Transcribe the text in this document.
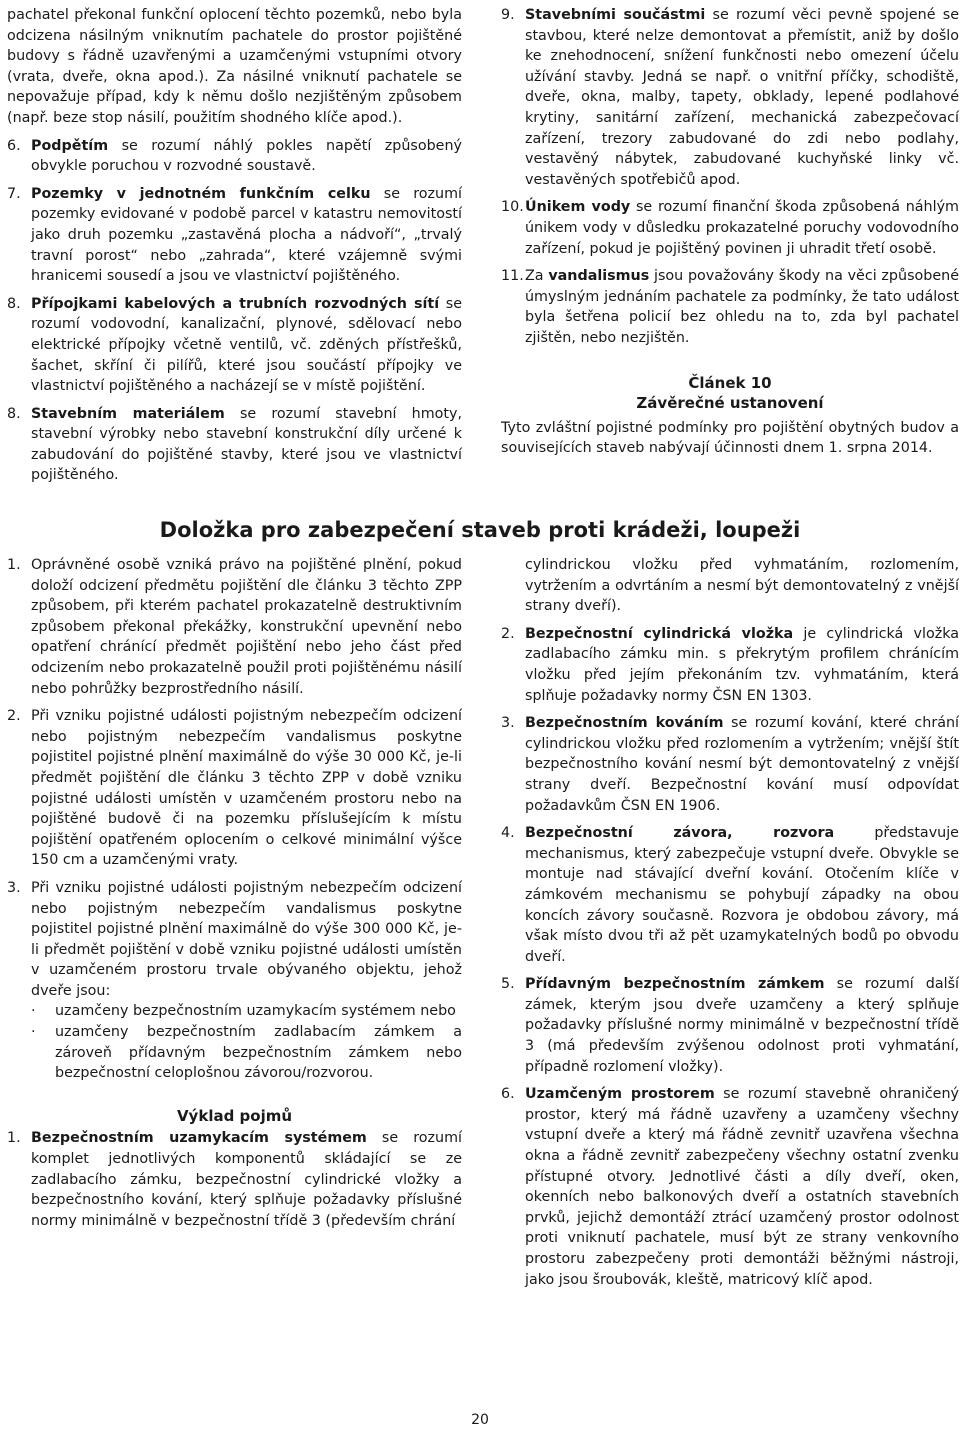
pachatel překonal funkční oplocení těchto pozemků, nebo byla odcizena násilným vniknutím pachatele do prostor pojištěné budovy s řádně uzavřenými a uzamčenými vstupními otvory (vrata, dveře, okna apod.). Za násilné vniknutí pachatele se nepovažuje případ, kdy k němu došlo nezjištěným způsobem (např. beze stop násilí, použitím shodného klíče apod.).

6. Podpětím se rozumí náhlý pokles napětí způsobený obvykle poruchou v rozvodné soustavě.
7. Pozemky v jednotném funkčním celku se rozumí pozemky evidované v podobě parcel v katastru nemovitostí jako druh pozemku „zastavěná plocha a nádvoří“, „trvalý travní porost“ nebo „zahrada“, které vzájemně svými hranicemi sousedí a jsou ve vlastnictví pojištěného.
8. Přípojkami kabelových a trubních rozvodných sítí se rozumí vodovodní, kanalizační, plynové, sdělovací nebo elektrické přípojky včetně ventilů, vč. zděných přístřešků, šachet, skříní či pilířů, které jsou součástí přípojky ve vlastnictví pojištěného a nacházejí se v místě pojištění.
8. Stavebním materiálem se rozumí stavební hmoty, stavební výrobky nebo stavební konstrukční díly určené k zabudování do pojištěné stavby, které jsou ve vlastnictví pojištěného.
9. Stavebními součástmi se rozumí věci pevně spojené se stavbou, které nelze demontovat a přemístit, aniž by došlo ke znehodnocení, snížení funkčnosti nebo omezení účelu užívání stavby. Jedná se např. o vnitřní příčky, schodiště, dveře, okna, malby, tapety, obklady, lepené podlahové krytiny, sanitární zařízení, mechanická zabezpečovací zařízení, trezory zabudované do zdi nebo podlahy, vestavěný nábytek, zabudované kuchyňské linky vč. vestavěných spotřebičů apod.
10. Únikem vody se rozumí finanční škoda způsobená náhlým únikem vody v důsledku prokazatelné poruchy vodovodního zařízení, pokud je pojištěný povinen ji uhradit třetí osobě.
11. Za vandalismus jsou považovány škody na věci způsobené úmyslným jednáním pachatele za podmínky, že tato událost byla šetřena policií bez ohledu na to, zda byl pachatel zjištěn, nebo nezjištěn.

Článek 10

Závěrečné ustanovení

Tyto zvláštní pojistné podmínky pro pojištění obytných budov a souvisejících staveb nabývají účinnosti dnem 1. srpna 2014.

Doložka pro zabezpečení staveb proti krádeži, loupeži
1. Oprávněné osobě vzniká právo na pojištěné plnění, pokud doloží odcizení předmětu pojištění dle článku 3 těchto ZPP způsobem, při kterém pachatel prokazatelně destruktivním způsobem překonal překážky, konstrukční upevnění nebo opatření chránící předmět pojištění nebo jeho část před odcizením nebo prokazatelně použil proti pojištěnému násilí nebo pohrůžky bezprostředního násilí.
2. Při vzniku pojistné události pojistným nebezpečím odcizení nebo pojistným nebezpečím vandalismus poskytne pojistitel pojistné plnění maximálně do výše 30 000 Kč, je-li předmět pojištění dle článku 3 těchto ZPP v době vzniku pojistné události umístěn v uzamčeném prostoru nebo na pojištěné budově či na pozemku příslušejícím k místu pojištění opatřeném oplocením o celkové minimální výšce 150 cm a uzamčenými vraty.
3. Při vzniku pojistné události pojistným nebezpečím odcizení nebo pojistným nebezpečím vandalismus poskytne pojistitel pojistné plnění maximálně do výše 300 000 Kč, je-li předmět pojištění v době vzniku pojistné události umístěn v uzamčeném prostoru trvale obývaného objektu, jehož dveře jsou:
· uzamčeny bezpečnostním uzamykacím systémem nebo
· uzamčeny bezpečnostním zadlabacím zámkem a zároveň přídavným bezpečnostním zámkem nebo bezpečnostní celoplošnou závorou/rozvorou.

Výklad pojmů

1. Bezpečnostním uzamykacím systémem se rozumí komplet jednotlivých komponentů skládající se ze zadlabacího zámku, bezpečnostní cylindrické vložky a bezpečnostního kování, který splňuje požadavky příslušné normy minimálně v bezpečnostní třídě 3 (především chrání

cylindrickou vložku před vyhmatáním, rozlomením, vytržením a odvrtáním a nesmí být demontovatelný z vnější strany dveří).

2. Bezpečnostní cylindrická vložka je cylindrická vložka zadlabacího zámku min. s překrytým profilem chránícím vložku před jejím překonáním tzv. vyhmatáním, která splňuje požadavky normy ČSN EN 1303.
3. Bezpečnostním kováním se rozumí kování, které chrání cylindrickou vložku před rozlomením a vytržením; vnější štít bezpečnostního kování nesmí být demontovatelný z vnější strany dveří. Bezpečnostní kování musí odpovídat požadavkům ČSN EN 1906.
4. Bezpečnostní závora, rozvora představuje mechanismus, který zabezpečuje vstupní dveře. Obvykle se montuje nad stávající dveřní kování. Otočením klíče v zámkovém mechanismu se pohybují západky na obou koncích závory současně. Rozvora je obdobou závory, má však místo dvou tři až pět uzamykatelných bodů po obvodu dveří.
5. Přídavným bezpečnostním zámkem se rozumí další zámek, kterým jsou dveře uzamčeny a který splňuje požadavky příslušné normy minimálně v bezpečnostní třídě 3 (má především zvýšenou odolnost proti vyhmatání, případně rozlomení vložky).
6. Uzamčeným prostorem se rozumí stavebně ohraničený prostor, který má řádně uzavřeny a uzamčeny všechny vstupní dveře a který má řádně zevnitř uzavřena všechna okna a řádně zevnitř zabezpečeny všechny ostatní zvenku přístupné otvory. Jednotlivé části a díly dveří, oken, okenních nebo balkonových dveří a ostatních stavebních prvků, jejichž demontáží ztrácí uzamčený prostor odolnost proti vniknutí pachatele, musí být ze strany venkovního prostoru zabezpečeny proti demontáži běžnými nástroji, jako jsou šroubovák, kleště, matricový klíč apod.
20
